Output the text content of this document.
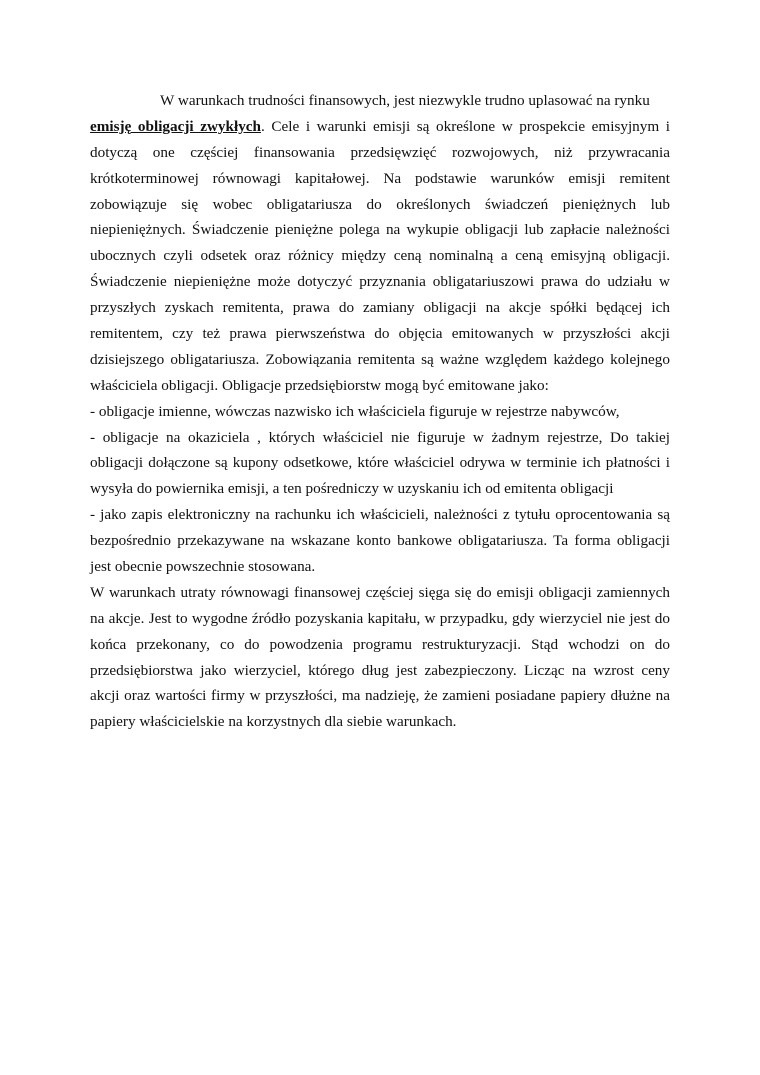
W warunkach trudności finansowych, jest niezwykle trudno uplasować na rynku
emisję obligacji zwykłych. Cele i warunki emisji są określone w prospekcie emisyjnym i
dotyczą one częściej finansowania przedsięwzięć rozwojowych, niż przywracania
krótkoterminowej równowagi kapitałowej. Na podstawie warunków emisji remitent
zobowiązuje się wobec obligatariusza do określonych świadczeń pieniężnych lub
niepieniężnych. Świadczenie pieniężne polega na wykupie obligacji lub zapłacie należności
ubocznych czyli odsetek oraz różnicy między ceną nominalną a ceną emisyjną obligacji.
Świadczenie niepieniężne może dotyczyć przyznania obligatariuszowi prawa do udziału w
przyszłych zyskach remitenta, prawa do zamiany obligacji na akcje spółki będącej ich
remitentem, czy też prawa pierwszeństwa do objęcia emitowanych w przyszłości akcji
dzisiejszego obligatariusza. Zobowiązania remitenta są ważne względem każdego kolejnego
właściciela obligacji. Obligacje przedsiębiorstw mogą być emitowane jako:
- obligacje imienne, wówczas nazwisko ich właściciela figuruje w rejestrze nabywców,
- obligacje na okaziciela , których właściciel nie figuruje w żadnym rejestrze, Do takiej
obligacji dołączone są kupony odsetkowe, które właściciel odrywa w terminie ich płatności i
wysyła do powiernika emisji, a ten pośredniczy w uzyskaniu ich od emitenta obligacji
- jako zapis elektroniczny na rachunku ich właścicieli, należności z tytułu oprocentowania są
bezpośrednio przekazywane na wskazane konto bankowe obligatariusza. Ta forma obligacji
jest obecnie powszechnie stosowana.
W warunkach utraty równowagi finansowej częściej sięga się do emisji obligacji zamiennych
na akcje. Jest to wygodne źródło pozyskania kapitału, w przypadku, gdy wierzyciel nie jest do
końca przekonany, co do powodzenia programu restrukturyzacji. Stąd wchodzi on do
przedsiębiorstwa jako wierzyciel, którego dług jest zabezpieczony. Licząc na wzrost ceny
akcji oraz wartości firmy w przyszłości, ma nadzieję, że zamieni posiadane papiery dłużne na
papiery właścicielskie na korzystnych dla siebie warunkach.
